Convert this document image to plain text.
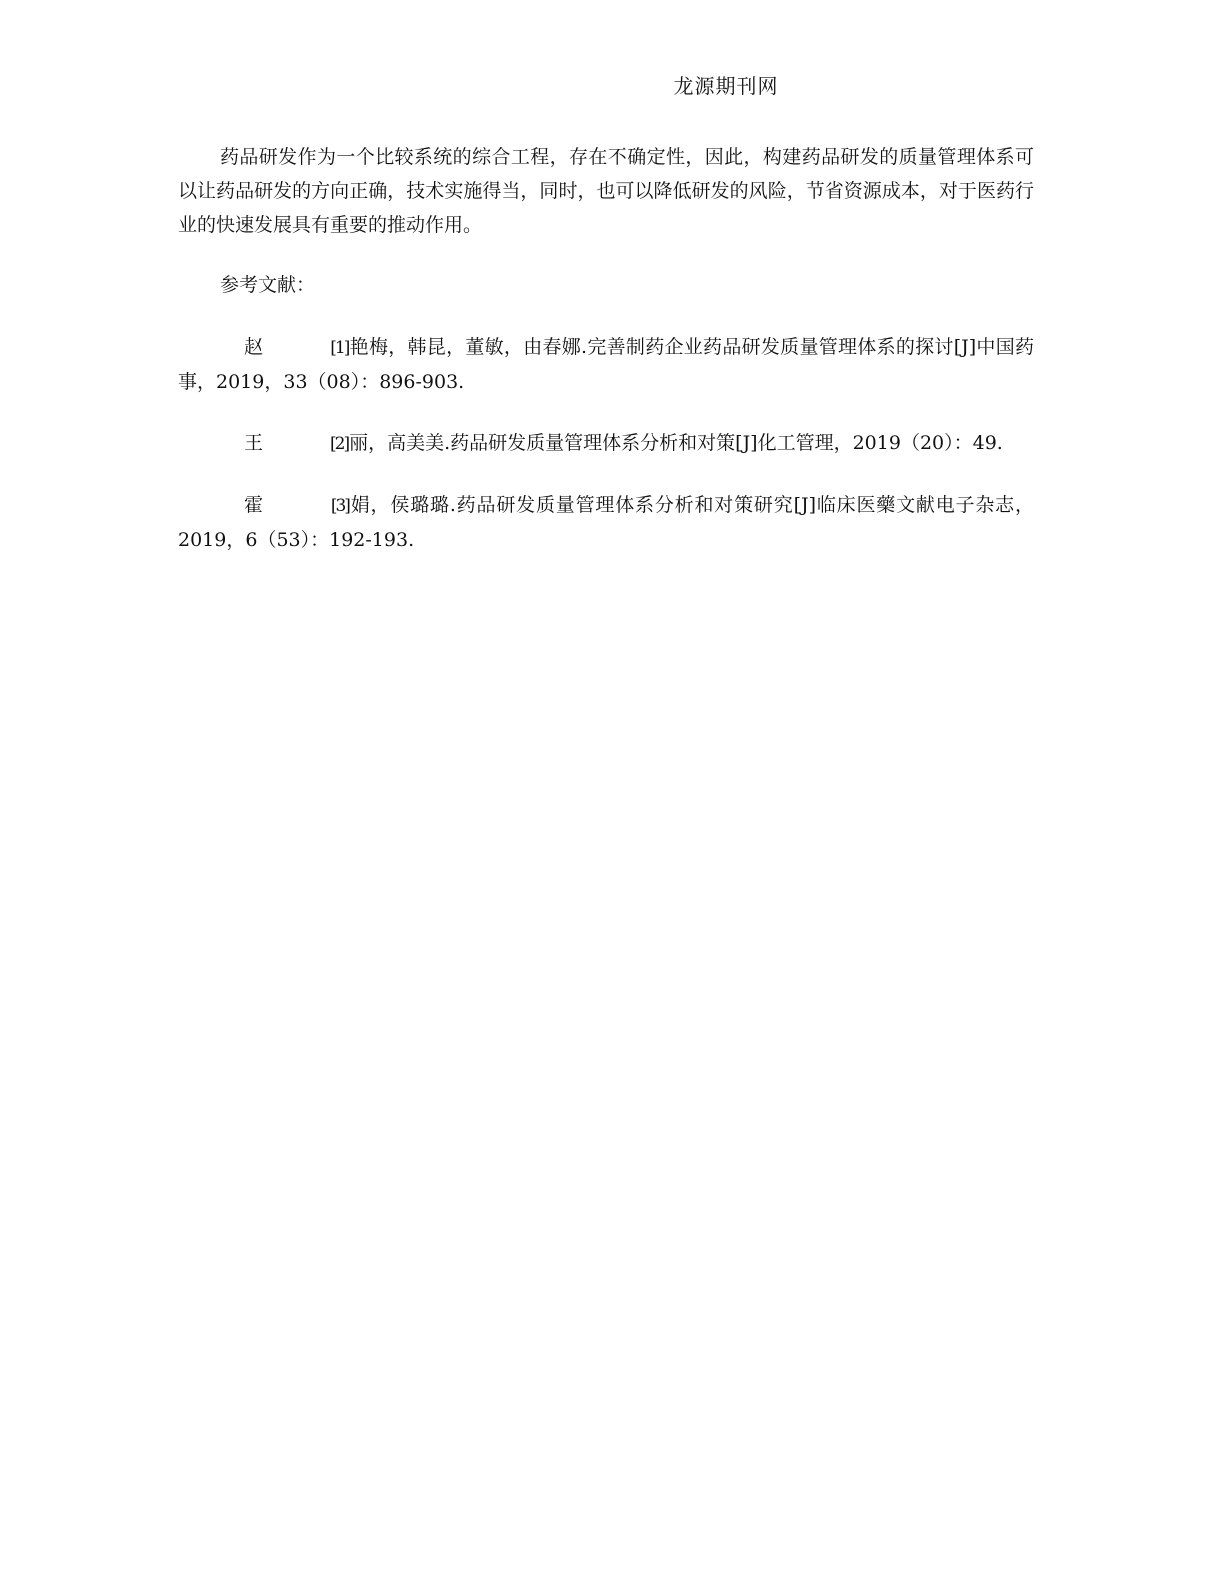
龙源期刊网
药品研发作为一个比较系统的综合工程，存在不确定性，因此，构建药品研发的质量管理体系可以让药品研发的方向正确，技术实施得当，同时，也可以降低研发的风险，节省资源成本，对于医药行业的快速发展具有重要的推动作用。
参考文献：
赵	[1]艳梅，韩昆，董敏，由春娜.完善制药企业药品研发质量管理体系的探讨[J]中国药事，2019，33（08）：896-903.
王	[2]丽，高美美.药品研发质量管理体系分析和对策[J]化工管理，2019（20）：49.
霍	[3]娟，侯璐璐.药品研发质量管理体系分析和对策研究[J]临床医藥文献电子杂志，2019，6（53）：192-193.
